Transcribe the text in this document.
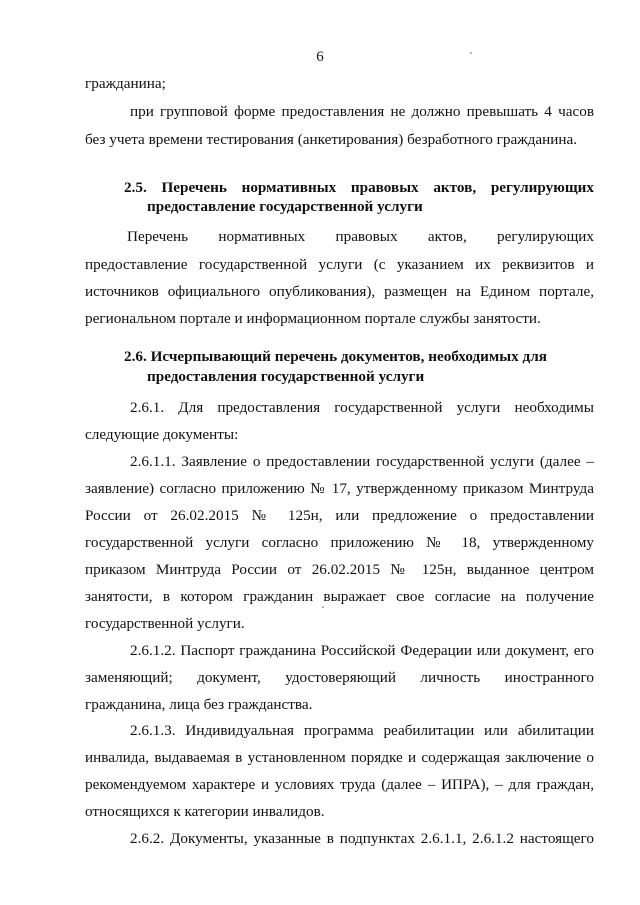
6
гражданина;
при групповой форме предоставления не должно превышать 4 часов
без учета времени тестирования (анкетирования) безработного гражданина.
2.5. Перечень нормативных правовых актов, регулирующих
предоставление государственной услуги
Перечень нормативных правовых актов, регулирующих
предоставление государственной услуги (с указанием их реквизитов и
источников официального опубликования), размещен на Едином портале,
региональном портале и информационном портале службы занятости.
2.6. Исчерпывающий перечень документов, необходимых для
предоставления государственной услуги
2.6.1. Для предоставления государственной услуги необходимы
следующие документы:
2.6.1.1. Заявление о предоставлении государственной услуги (далее –
заявление) согласно приложению № 17, утвержденному приказом Минтруда
России от 26.02.2015 № 125н, или предложение о предоставлении
государственной услуги согласно приложению № 18, утвержденному
приказом Минтруда России от 26.02.2015 № 125н, выданное центром
занятости, в котором гражданин выражает свое согласие на получение
государственной услуги.
2.6.1.2. Паспорт гражданина Российской Федерации или документ, его
заменяющий; документ, удостоверяющий личность иностранного
гражданина, лица без гражданства.
2.6.1.3. Индивидуальная программа реабилитации или абилитации
инвалида, выдаваемая в установленном порядке и содержащая заключение о
рекомендуемом характере и условиях труда (далее – ИПРА), – для граждан,
относящихся к категории инвалидов.
2.6.2. Документы, указанные в подпунктах 2.6.1.1, 2.6.1.2 настоящего
